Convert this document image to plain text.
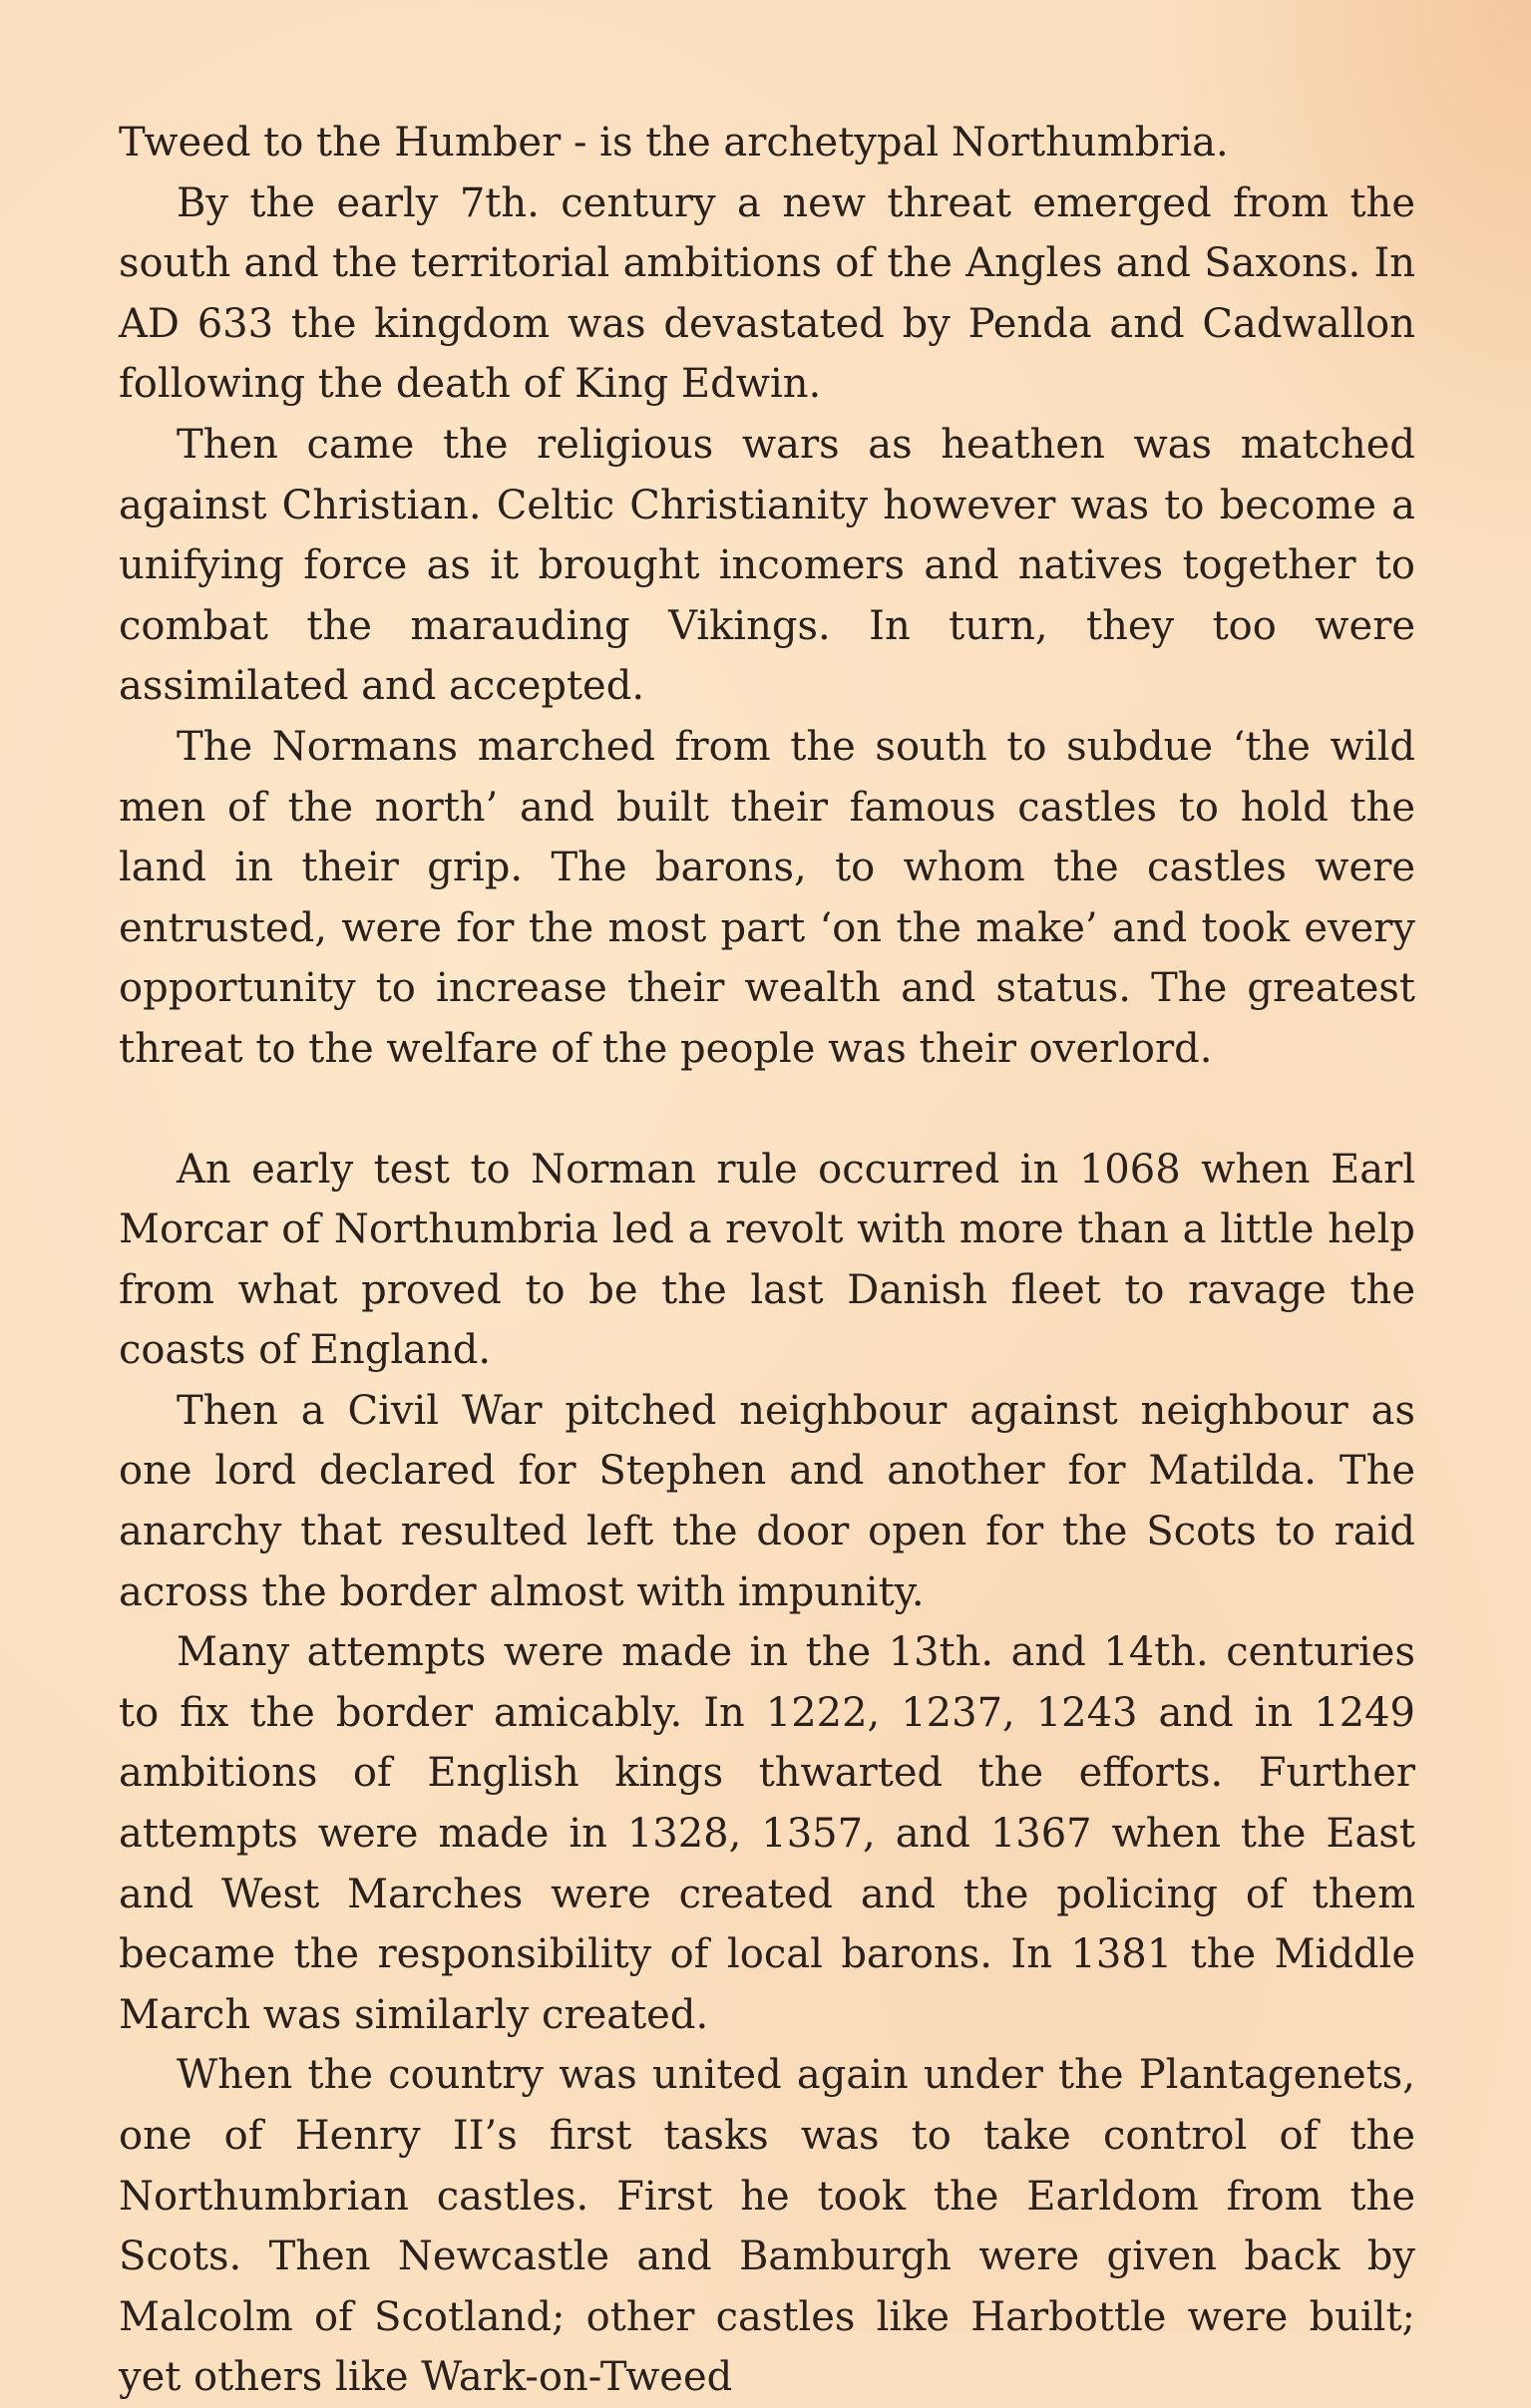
Tweed to the Humber - is the archetypal Northumbria.

By the early 7th. century a new threat emerged from the south and the territorial ambitions of the Angles and Saxons. In AD 633 the kingdom was devastated by Penda and Cadwallon following the death of King Edwin.

Then came the religious wars as heathen was matched against Christian. Celtic Christianity however was to become a unifying force as it brought incomers and natives together to combat the marauding Vikings. In turn, they too were assimilated and accepted.

The Normans marched from the south to subdue ‘the wild men of the north’ and built their famous castles to hold the land in their grip. The barons, to whom the castles were entrusted, were for the most part ‘on the make’ and took every opportunity to increase their wealth and status. The greatest threat to the welfare of the people was their overlord.

An early test to Norman rule occurred in 1068 when Earl Morcar of Northumbria led a revolt with more than a little help from what proved to be the last Danish fleet to ravage the coasts of England.

Then a Civil War pitched neighbour against neighbour as one lord declared for Stephen and another for Matilda. The anarchy that resulted left the door open for the Scots to raid across the border almost with impunity.

Many attempts were made in the 13th. and 14th. centuries to fix the border amicably. In 1222, 1237, 1243 and in 1249 ambitions of English kings thwarted the efforts. Further attempts were made in 1328, 1357, and 1367 when the East and West Marches were created and the policing of them became the responsibility of local barons. In 1381 the Middle March was similarly created.

When the country was united again under the Plantagenets, one of Henry II’s first tasks was to take control of the Northumbrian castles. First he took the Earldom from the Scots. Then Newcastle and Bamburgh were given back by Malcolm of Scotland; other castles like Harbottle were built; yet others like Wark-on-Tweed
